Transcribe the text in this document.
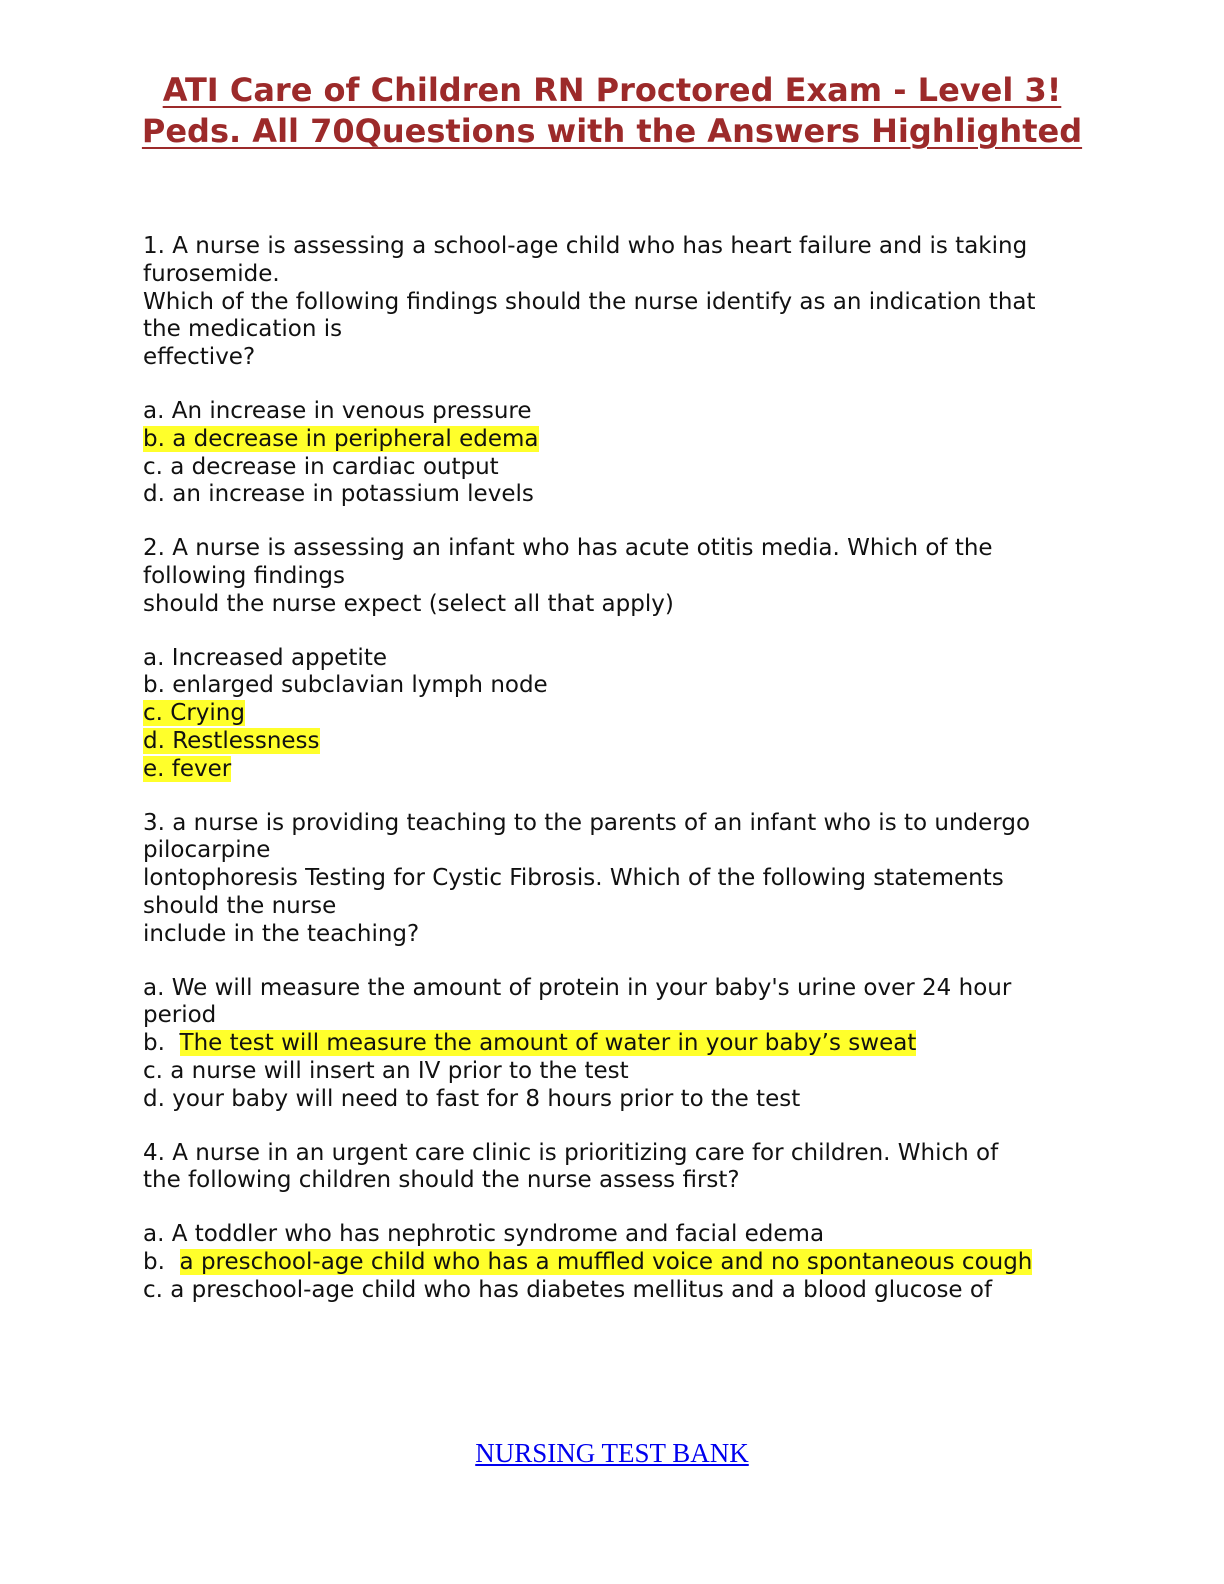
ATI Care of Children RN Proctored Exam - Level 3!
Peds. All 70Questions with the Answers Highlighted

1. A nurse is assessing a school-age child who has heart failure and is taking

furosemide.

Which of the following findings should the nurse identify as an indication that

the medication is

effective?

a. An increase in venous pressure

b. a decrease in peripheral edema

c. a decrease in cardiac output

d. an increase in potassium levels

2. A nurse is assessing an infant who has acute otitis media. Which of the

following findings

should the nurse expect (select all that apply)

a. Increased appetite

b. enlarged subclavian lymph node

c. Crying

d. Restlessness

e. fever

3. a nurse is providing teaching to the parents of an infant who is to undergo

pilocarpine

lontophoresis Testing for Cystic Fibrosis. Which of the following statements

should the nurse

include in the teaching?

a. We will measure the amount of protein in your baby's urine over 24 hour

period

b.  The test will measure the amount of water in your baby’s sweat

c. a nurse will insert an IV prior to the test

d. your baby will need to fast for 8 hours prior to the test

4. A nurse in an urgent care clinic is prioritizing care for children. Which of

the following children should the nurse assess first?

a. A toddler who has nephrotic syndrome and facial edema

b.  a preschool-age child who has a muffled voice and no spontaneous cough

c. a preschool-age child who has diabetes mellitus and a blood glucose of

NURSING TEST BANK
